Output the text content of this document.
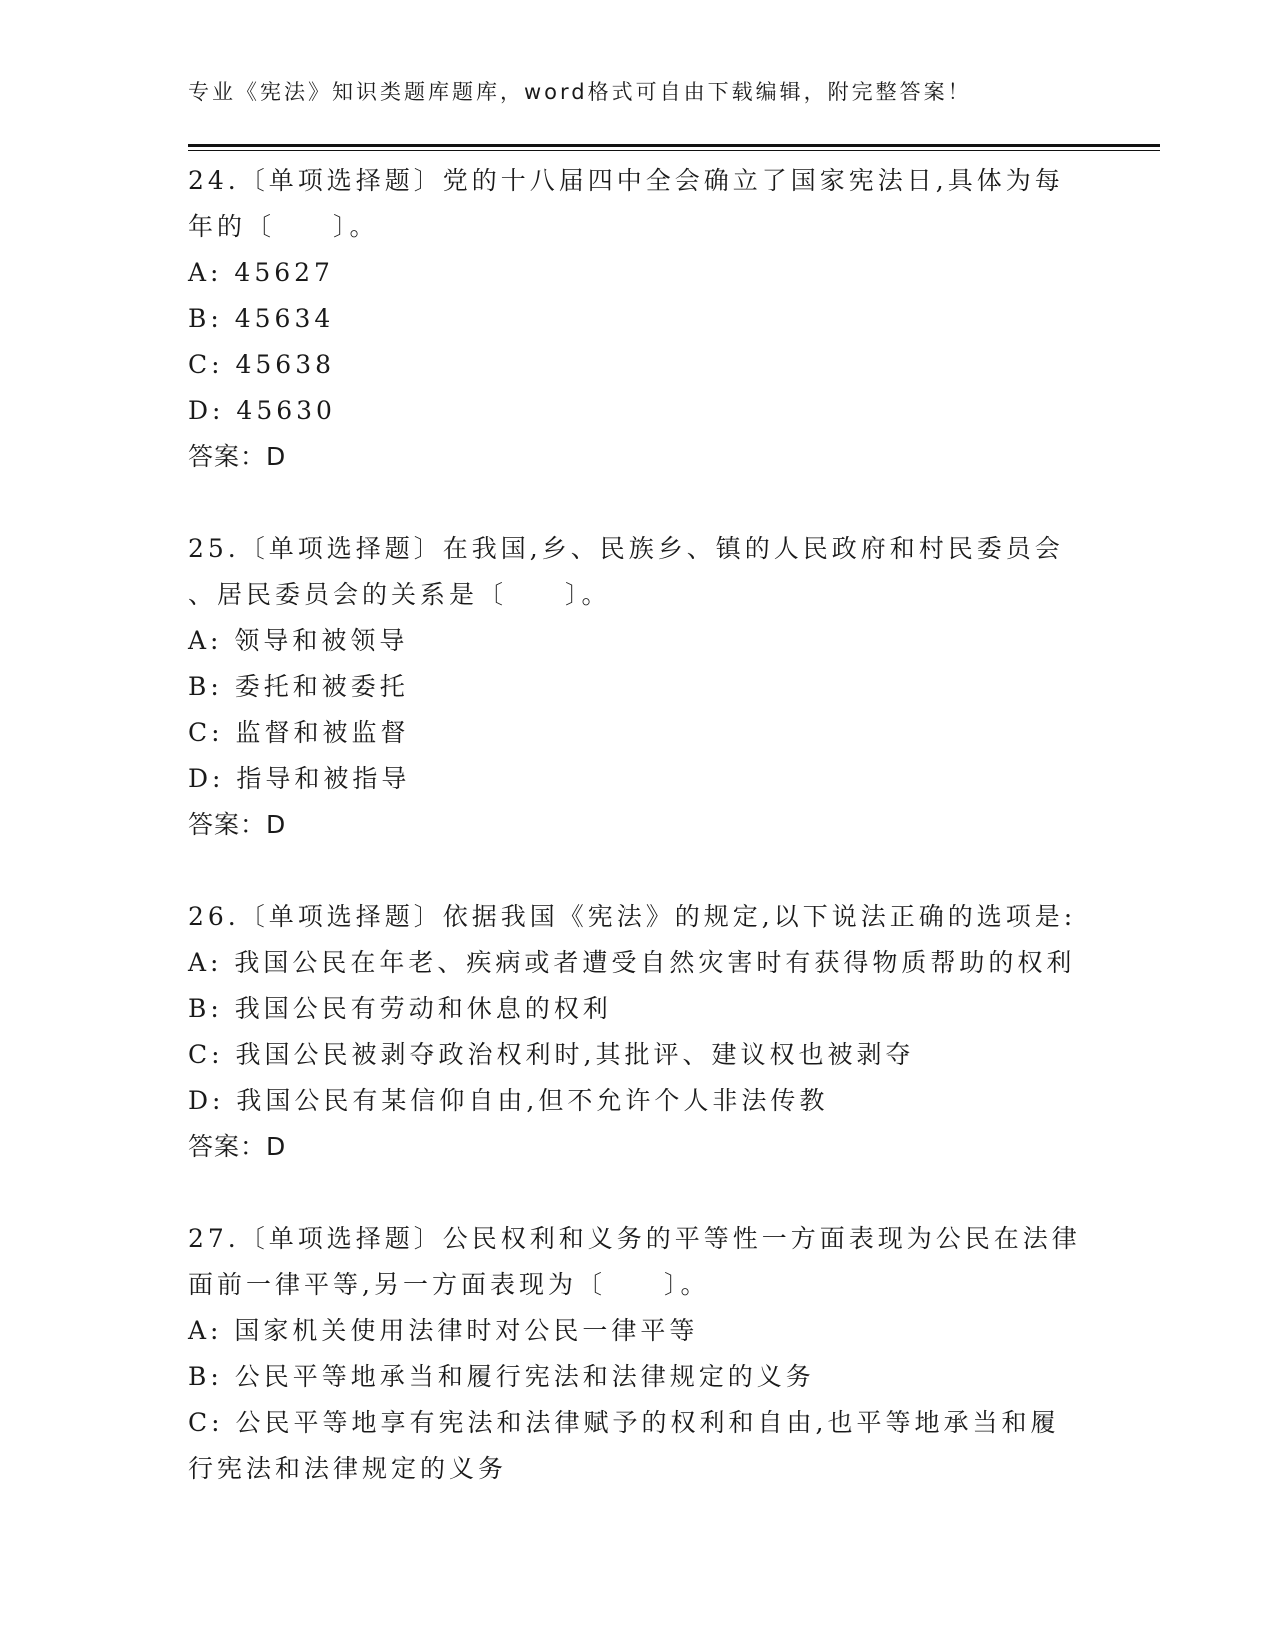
专业《宪法》知识类题库题库，word格式可自由下载编辑，附完整答案！
24.〔单项选择题〕党的十八届四中全会确立了国家宪法日,具体为每
年的〔　　〕。
A: 45627
B: 45634
C: 45638
D: 45630
答案：D
25.〔单项选择题〕在我国,乡、民族乡、镇的人民政府和村民委员会
、居民委员会的关系是〔　　〕。
A: 领导和被领导
B: 委托和被委托
C: 监督和被监督
D: 指导和被指导
答案：D
26.〔单项选择题〕依据我国《宪法》的规定,以下说法正确的选项是:
A: 我国公民在年老、疾病或者遭受自然灾害时有获得物质帮助的权利
B: 我国公民有劳动和休息的权利
C: 我国公民被剥夺政治权利时,其批评、建议权也被剥夺
D: 我国公民有某信仰自由,但不允许个人非法传教
答案：D
27.〔单项选择题〕公民权利和义务的平等性一方面表现为公民在法律
面前一律平等,另一方面表现为〔　　〕。
A: 国家机关使用法律时对公民一律平等
B: 公民平等地承当和履行宪法和法律规定的义务
C: 公民平等地享有宪法和法律赋予的权利和自由,也平等地承当和履
行宪法和法律规定的义务
